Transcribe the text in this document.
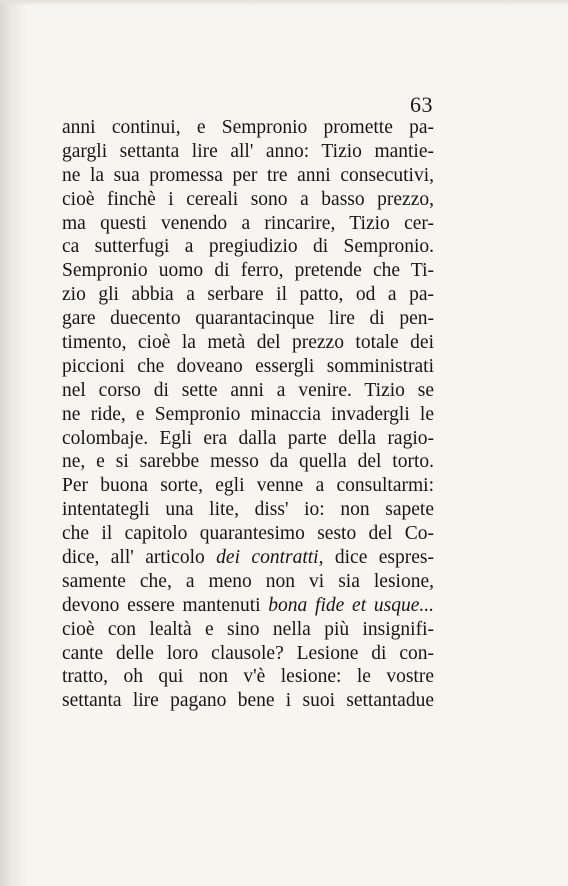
63
anni continui, e Sempronio promette pa-
gargli settanta lire all' anno: Tizio mantie-
ne la sua promessa per tre anni consecutivi,
cioè finchè i cereali sono a basso prezzo,
ma questi venendo a rincarire, Tizio cer-
ca sutterfugi a pregiudizio di Sempronio.
Sempronio uomo di ferro, pretende che Ti-
zio gli abbia a serbare il patto, od a pa-
gare duecento quarantacinque lire di pen-
timento, cioè la metà del prezzo totale dei
piccioni che doveano essergli somministrati
nel corso di sette anni a venire. Tizio se
ne ride, e Sempronio minaccia invadergli le
colombaje. Egli era dalla parte della ragio-
ne, e si sarebbe messo da quella del torto.
Per buona sorte, egli venne a consultarmi:
intentategli una lite, diss' io: non sapete
che il capitolo quarantesimo sesto del Co-
dice, all' articolo dei contratti, dice espres-
samente che, a meno non vi sia lesione,
devono essere mantenuti bona fide et usque...
cioè con lealtà e sino nella più insignifi-
cante delle loro clausole? Lesione di con-
tratto, oh qui non v'è lesione: le vostre
settanta lire pagano bene i suoi settantadue
